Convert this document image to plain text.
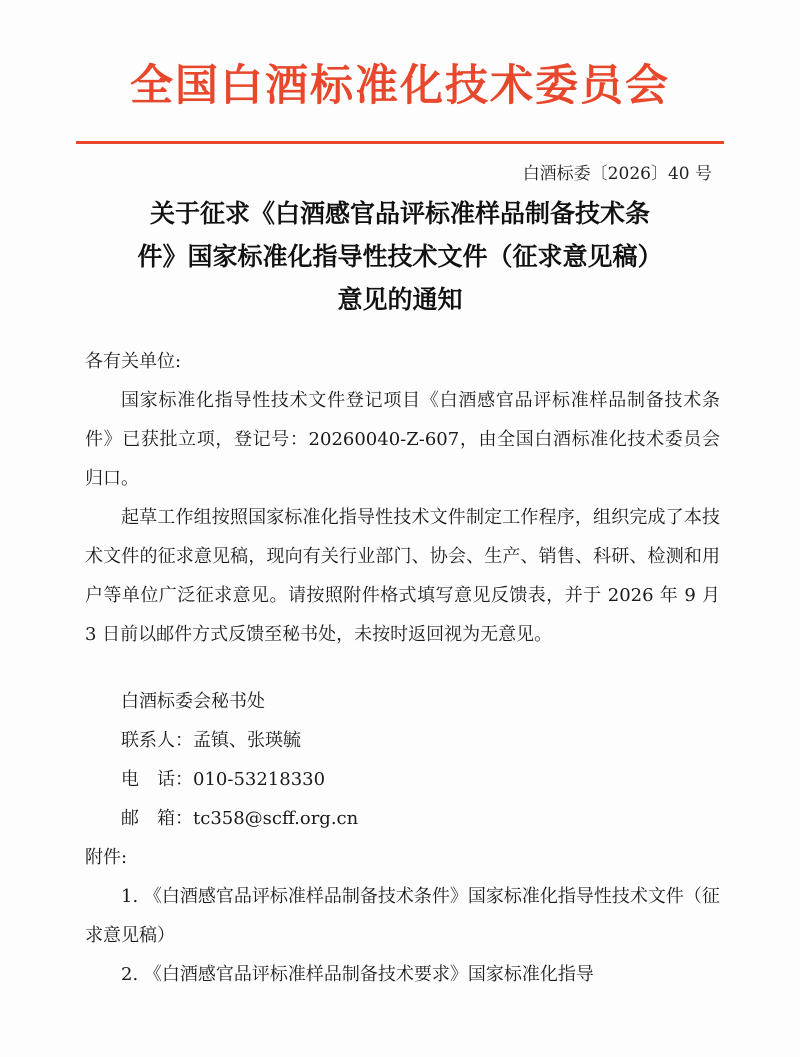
全国白酒标准化技术委员会
白酒标委〔2026〕40 号
关于征求《白酒感官品评标准样品制备技术条
件》国家标准化指导性技术文件（征求意见稿）
意见的通知

各有关单位:

国家标准化指导性技术文件登记项目《白酒感官品评标准样品制备技术条件》已获批立项，登记号：20260040-Z-607，由全国白酒标准化技术委员会归口。

起草工作组按照国家标准化指导性技术文件制定工作程序，组织完成了本技术文件的征求意见稿，现向有关行业部门、协会、生产、销售、科研、检测和用户等单位广泛征求意见。请按照附件格式填写意见反馈表，并于 2026 年 9 月 3 日前以邮件方式反馈至秘书处，未按时返回视为无意见。

白酒标委会秘书处
联系人：孟镇、张瑛毓
电　话：010-53218330
邮　箱：tc358@scff.org.cn

附件:

1. 《白酒感官品评标准样品制备技术条件》国家标准化指导性技术文件（征求意见稿）

2. 《白酒感官品评标准样品制备技术要求》国家标准化指导
